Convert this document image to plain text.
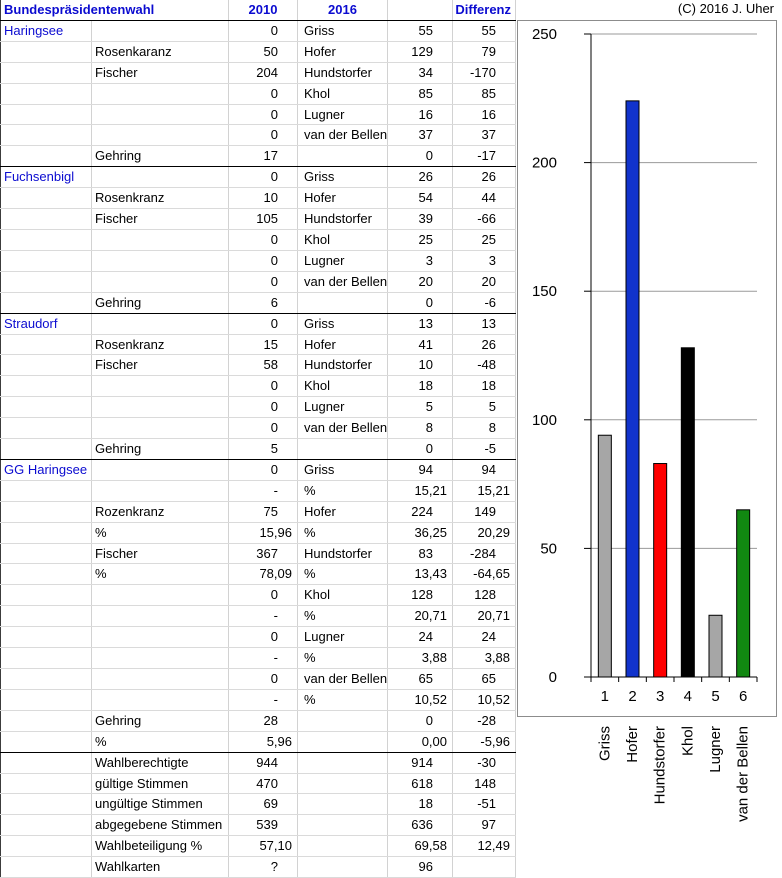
Bundespräsidentenwahl		2010	2016		Differenz
Haringsee		0	Griss	55	55
	Rosenkaranz	50	Hofer	129	79
	Fischer	204	Hundstorfer	34	-170
		0	Khol	85	85
		0	Lugner	16	16
		0	van der Bellen	37	37
	Gehring	17		0	-17
Fuchsenbigl		0	Griss	26	26
	Rosenkranz	10	Hofer	54	44
	Fischer	105	Hundstorfer	39	-66
		0	Khol	25	25
		0	Lugner	3	3
		0	van der Bellen	20	20
	Gehring	6		0	-6
Straudorf		0	Griss	13	13
	Rosenkranz	15	Hofer	41	26
	Fischer	58	Hundstorfer	10	-48
		0	Khol	18	18
		0	Lugner	5	5
		0	van der Bellen	8	8
	Gehring	5		0	-5
GG Haringsee		0	Griss	94	94
		-	%	15,21	15,21
	Rozenkranz	75	Hofer	224	149
	%	15,96	%	36,25	20,29
	Fischer	367	Hundstorfer	83	-284
	%	78,09	%	13,43	-64,65
		0	Khol	128	128
		-	%	20,71	20,71
		0	Lugner	24	24
		-	%	3,88	3,88
		0	van der Bellen	65	65
		-	%	10,52	10,52
	Gehring	28		0	-28
	%	5,96		0,00	-5,96
	Wahlberechtigte	944		914	-30
	gültige Stimmen	470		618	148
	ungültige Stimmen	69		18	-51
	abgegebene Stimmen	539		636	97
	Wahlbeteiligung %	57,10		69,58	12,49
	Wahlkarten	?		96	
0
50
100
150
200
250
1
Griss
2
Hofer
3
Hundstorfer
4
Khol
5
Lugner
6
van der Bellen
(C) 2016 J. Uher
